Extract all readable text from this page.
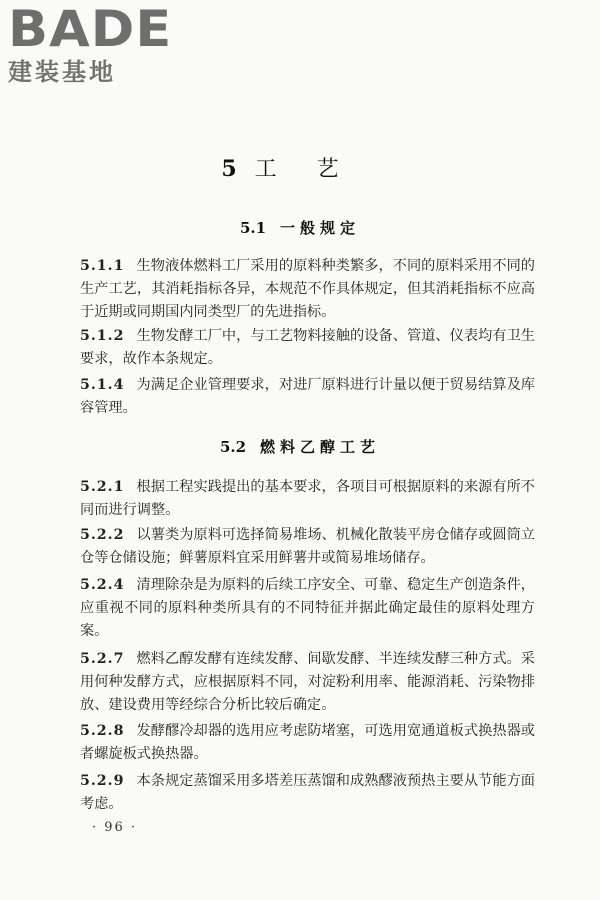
BADE
建装基地
5 工艺
5.1 一般规定
5.1.1 生物液体燃料工厂采用的原料种类繁多，不同的原料采用不同的生产工艺，其消耗指标各异，本规范不作具体规定，但其消耗指标不应高于近期或同期国内同类型厂的先进指标。
5.1.2 生物发酵工厂中，与工艺物料接触的设备、管道、仪表均有卫生要求，故作本条规定。
5.1.4 为满足企业管理要求，对进厂原料进行计量以便于贸易结算及库容管理。
5.2 燃料乙醇工艺
5.2.1 根据工程实践提出的基本要求，各项目可根据原料的来源有所不同而进行调整。
5.2.2 以薯类为原料可选择简易堆场、机械化散装平房仓储存或圆筒立仓等仓储设施；鲜薯原料宜采用鲜薯井或简易堆场储存。
5.2.4 清理除杂是为原料的后续工序安全、可靠、稳定生产创造条件，应重视不同的原料种类所具有的不同特征并据此确定最佳的原料处理方案。
5.2.7 燃料乙醇发酵有连续发酵、间歇发酵、半连续发酵三种方式。采用何种发酵方式，应根据原料不同，对淀粉利用率、能源消耗、污染物排放、建设费用等经综合分析比较后确定。
5.2.8 发酵醪冷却器的选用应考虑防堵塞，可选用宽通道板式换热器或者螺旋板式换热器。
5.2.9 本条规定蒸馏采用多塔差压蒸馏和成熟醪液预热主要从节能方面考虑。
· 96 ·
